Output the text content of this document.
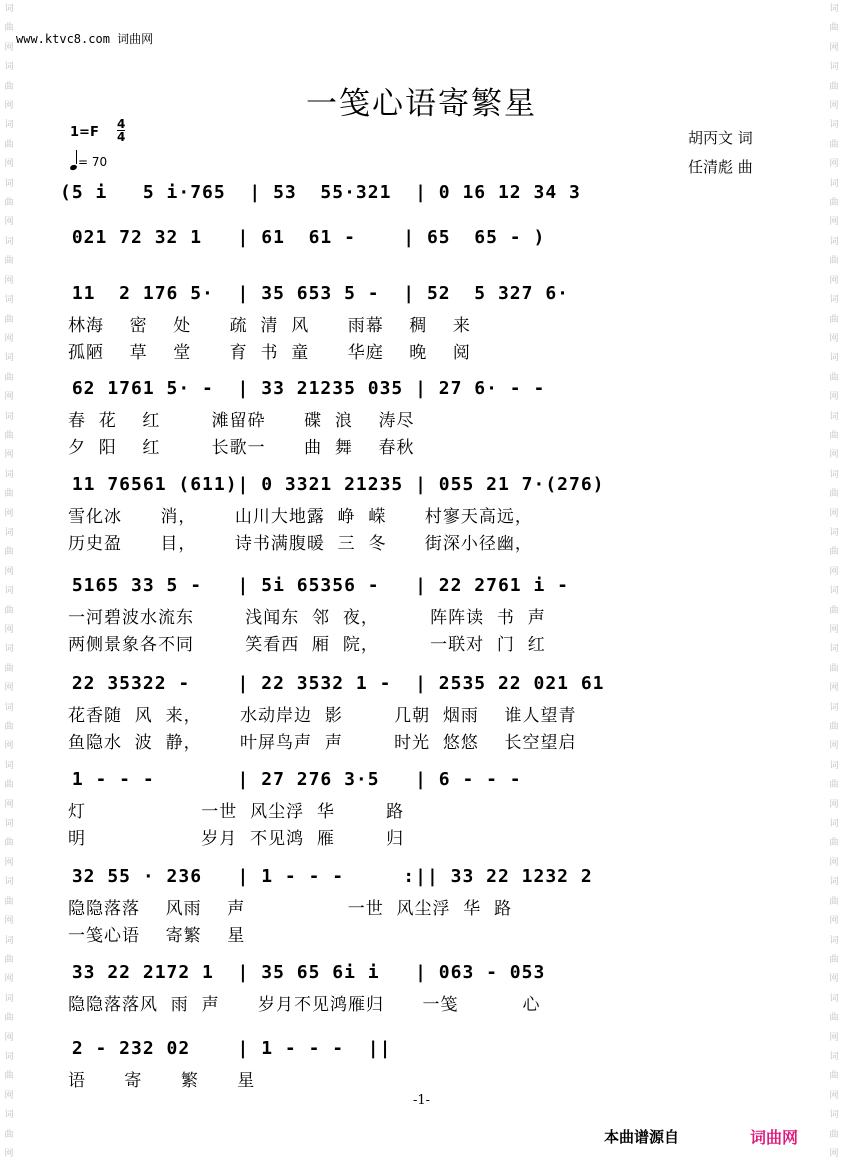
词
曲
网
词
曲
网
词
曲
网
词
曲
网
词
曲
网
词
曲
网
词
曲
网
词
曲
网
词
曲
网
词
曲
网
词
曲
网
词
曲
网
词
曲
网
词
曲
网
词
曲
网
词
曲
网
词
曲
网
词
曲
网
词
曲
网
词
曲
网
词
曲
网
词
曲
网
词
曲
网
词
曲
网
词
曲
网
词
曲
网
词
曲
网
词
曲
网
词
曲
网
词
曲
网
词
曲
网
词
曲
网
词
曲
网
词
曲
网
词
曲
网
词
曲
网
词
曲
网
词
曲
网
词
曲
网
词
曲
网
www.ktvc8.com 词曲网
一笺心语寄繁星
1=F
4
4
= 70
胡丙文 词
任清彪 曲
(5 i   5 i·765  | 53  55·321  | 0 16 12 34 3
021 72 32 1   | 61  61 -    | 65  65 - )
11  2 176 5·  | 35 653 5 -  | 52  5 327 6·
林海    密    处      疏  清  风      雨幕    稠    来
孤陋    草    堂      育  书  童      华庭    晚    阅
62 1761 5· -  | 33 21235 035 | 27 6· - -
春  花    红        滩留砕      碟  浪    涛尽
夕  阳    红        长歌一      曲  舞    春秋
11 76561 (611)| 0 3321 21235 | 055 21 7·(276)
雪化冰      消，      山川大地露  峥  嵘      村寥天高远，
历史盈      目，      诗书满腹暖  三  冬      街深小径幽，
5165 33 5 -   | 5i 65356 -   | 22 2761 i -
一河碧波水流东        浅闻东  邻  夜，        阵阵读  书  声
两侧景象各不同        笑看西  厢  院，        一联对  门  红
22 35322 -    | 22 3532 1 -  | 2535 22 021 61
花香随  风  来，      水动岸边  影        几朝  烟雨    谁人望青
鱼隐水  波  静，      叶屏鸟声  声        时光  悠悠    长空望启
1 - - -       | 27 276 3·5   | 6 - - -
灯                  一世  风尘浮  华        路
明                  岁月  不见鸿  雁        归
32 55 · 236   | 1 - - -     :|| 33 22 1232 2
隐隐落落    风雨    声                一世  风尘浮  华  路
一笺心语    寄繁    星
33 22 2172 1  | 35 65 6i i   | 063 - 053
隐隐落落风  雨  声      岁月不见鸿雁归      一笺          心
2 - 232 02    | 1 - - -  ||
语      寄      繁      星
-1-
本曲谱源自	词曲网
